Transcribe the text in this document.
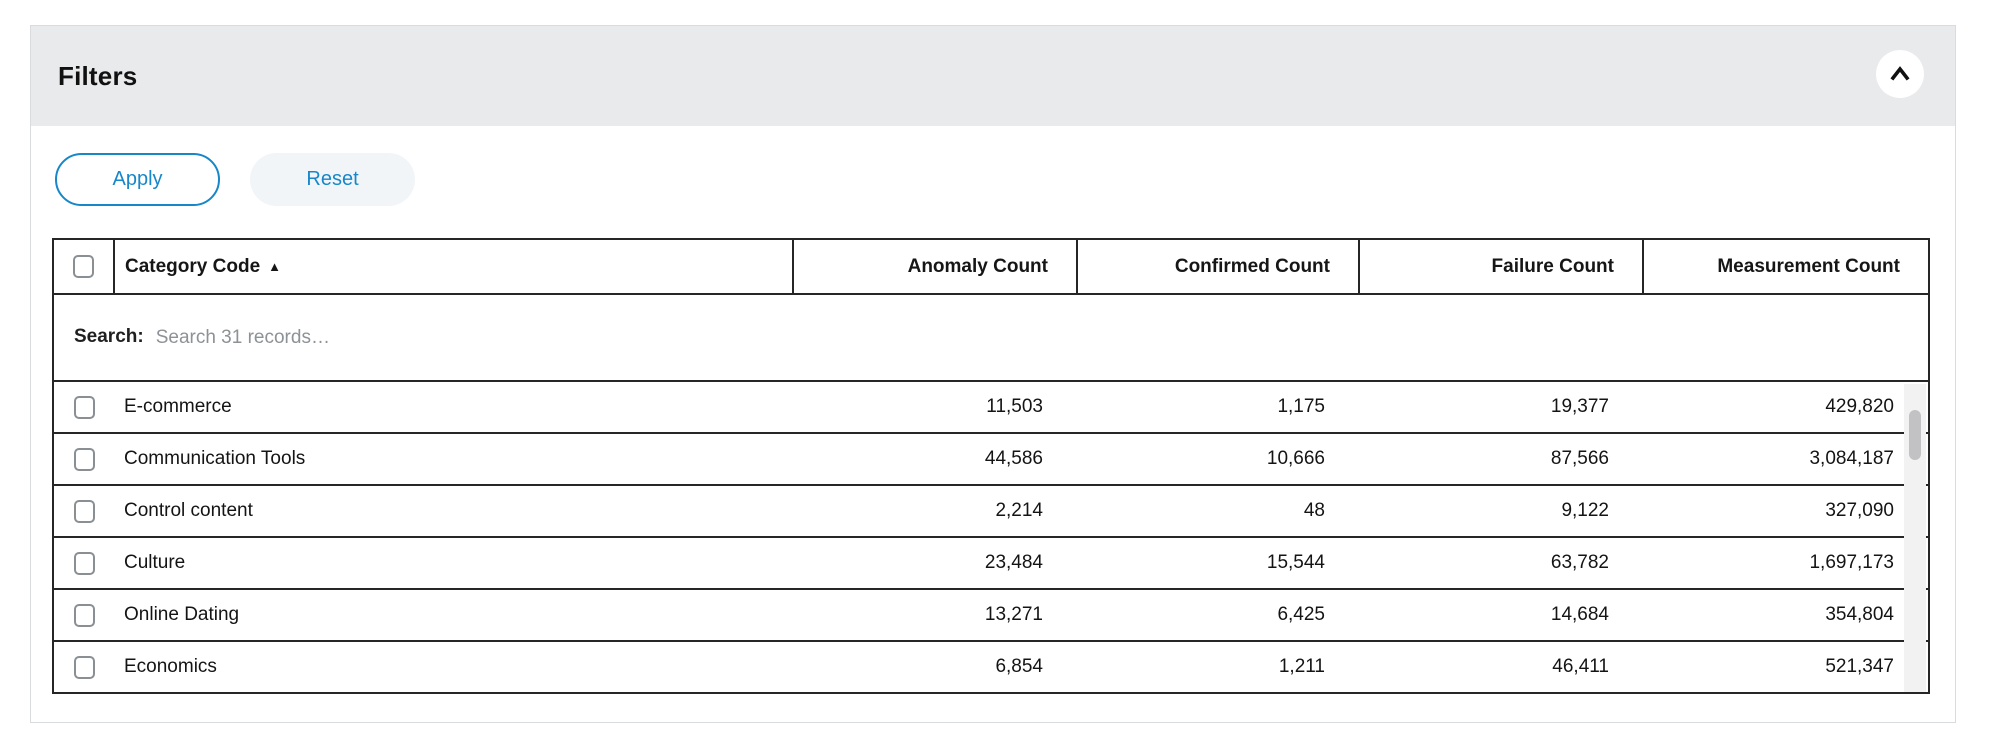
Filters
Apply	Reset
	Category Code ▲	Anomaly Count	Confirmed Count	Failure Count	Measurement Count
Search:Search 31 records…
	E-commerce	11,503	1,175	19,377	429,820
	Communication Tools	44,586	10,666	87,566	3,084,187
	Control content	2,214	48	9,122	327,090
	Culture	23,484	15,544	63,782	1,697,173
	Online Dating	13,271	6,425	14,684	354,804
	Economics	6,854	1,211	46,411	521,347
